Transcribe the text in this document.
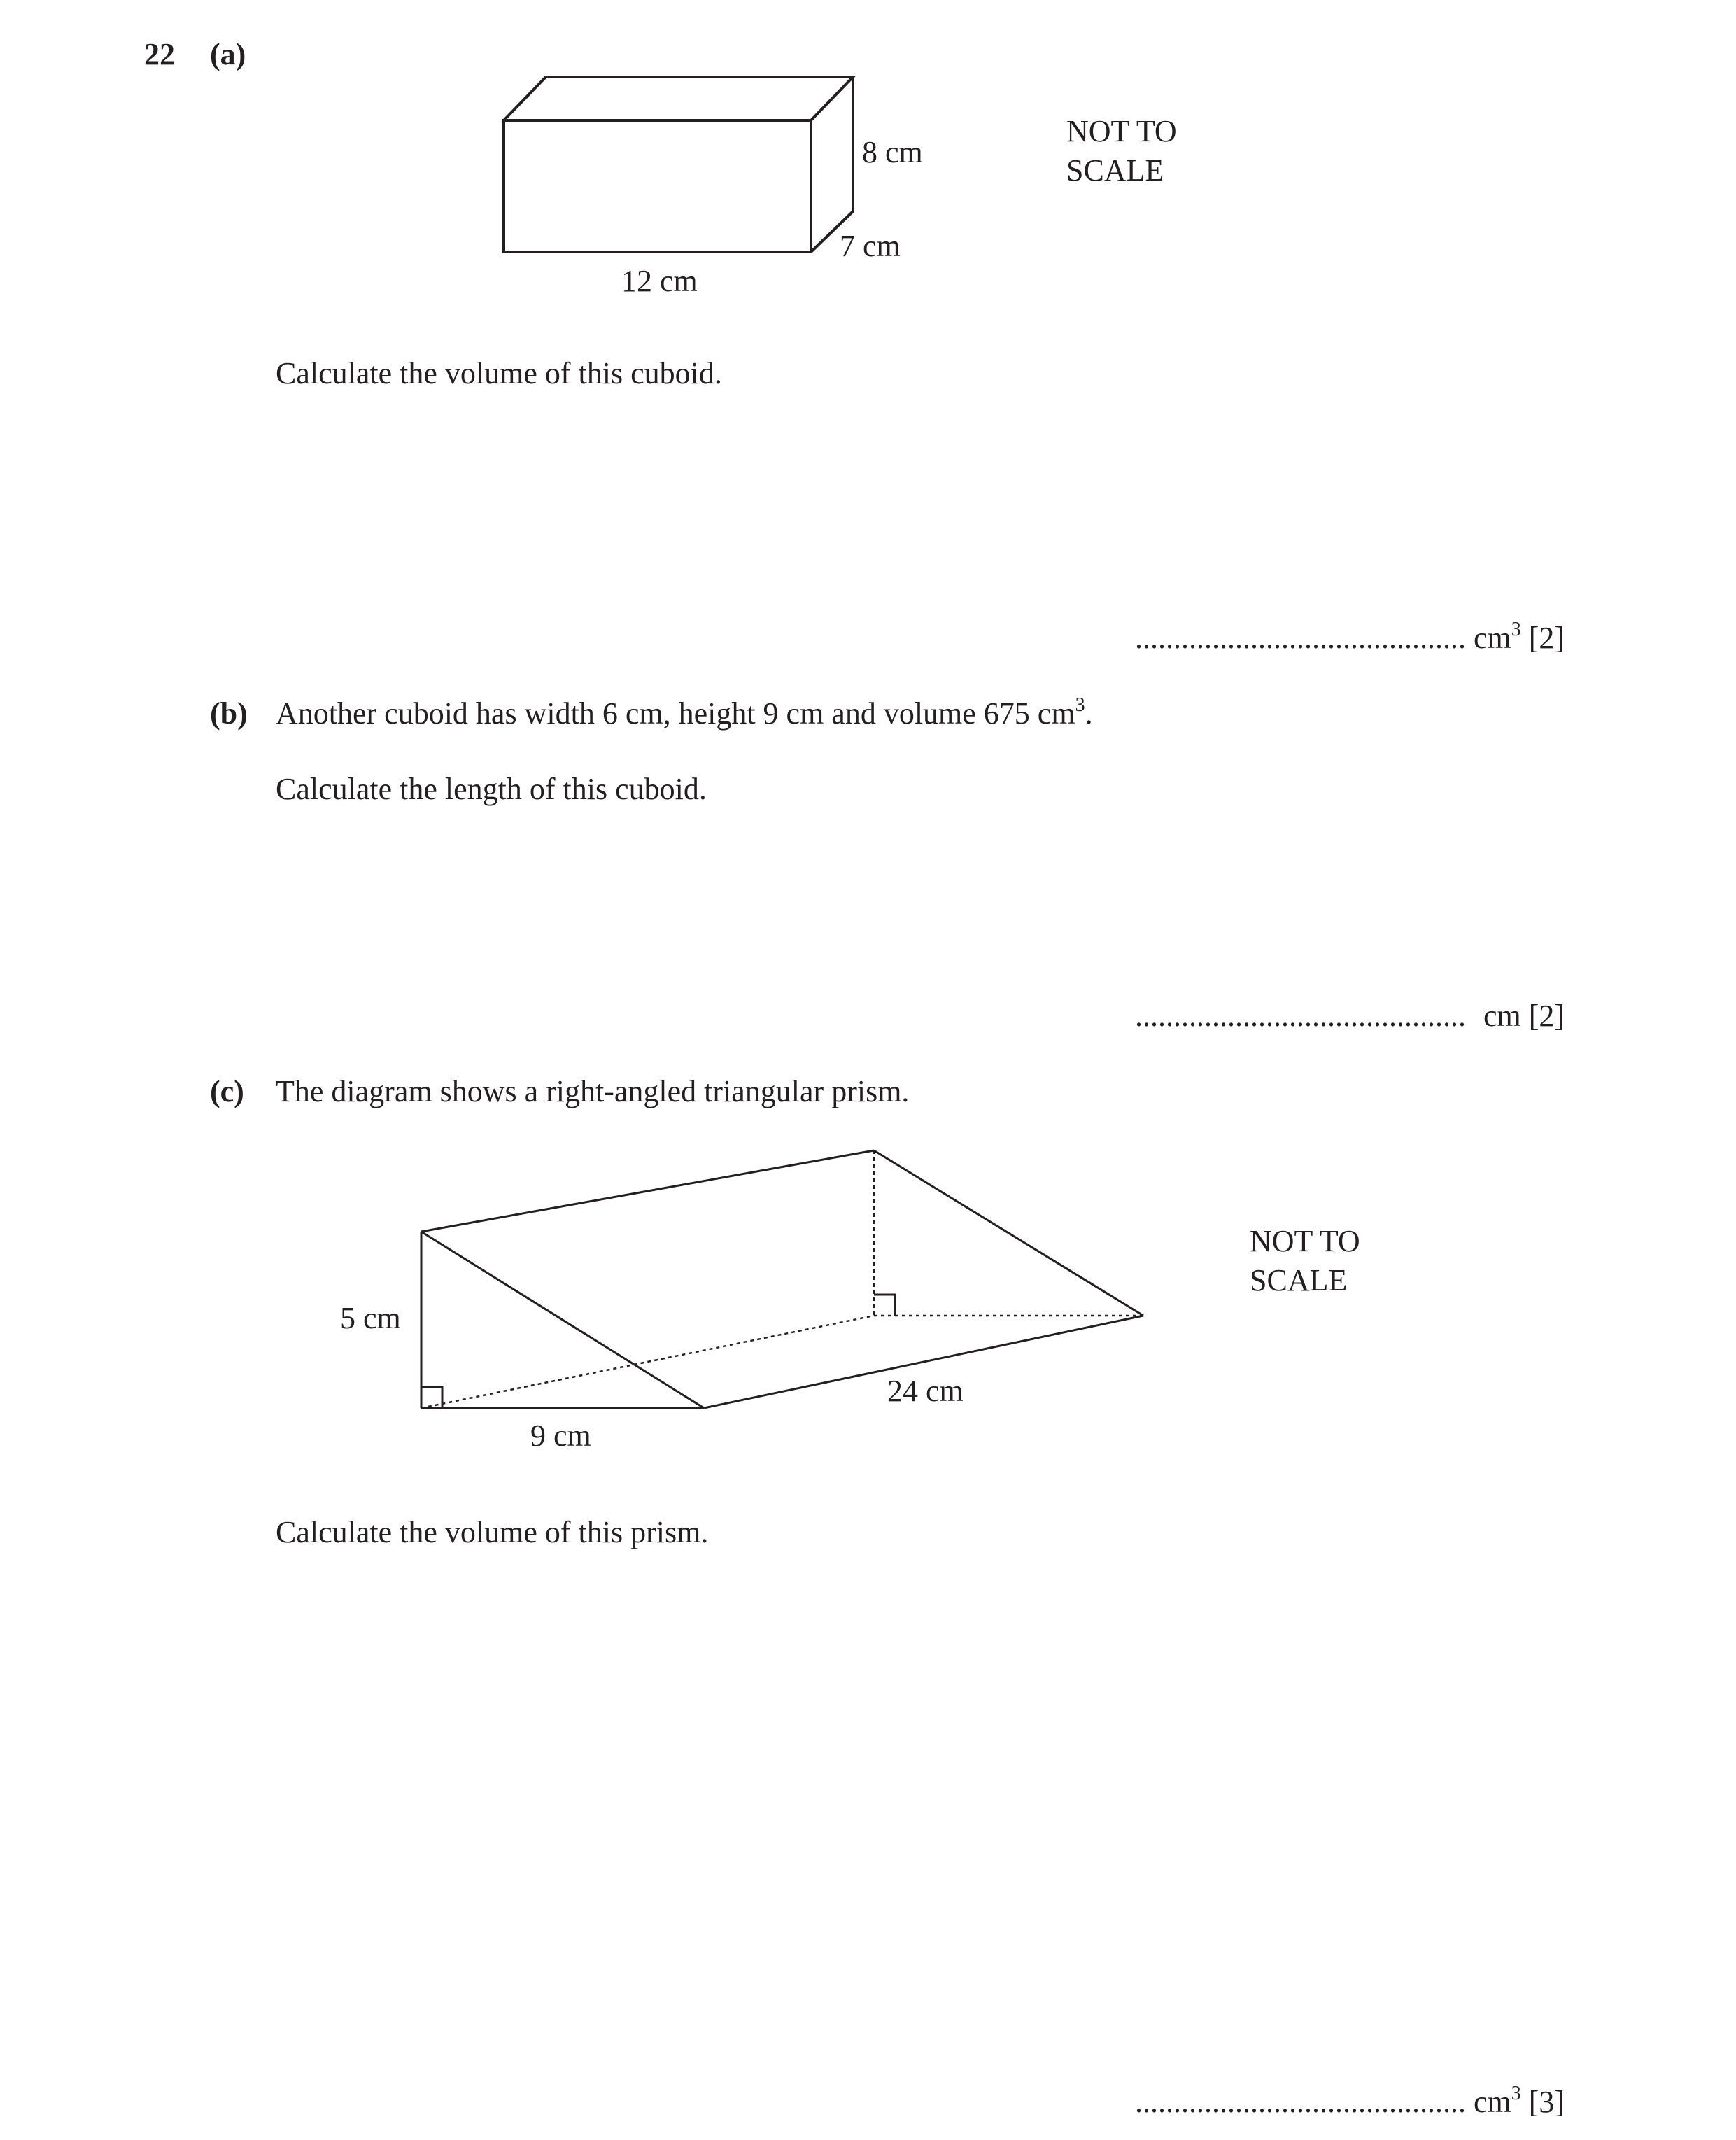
22 (a)
8 cm
7 cm
12 cm
NOT TO
SCALE
Calculate the volume of this cuboid.
........................................... $cm^3$ [2]
(b) Another cuboid has width 6 cm, height 9 cm and volume 675 $cm^3$.
Calculate the length of this cuboid.
........................................... cm [2]
(c) The diagram shows a right-angled triangular prism.
5 cm
9 cm
24 cm
NOT TO
SCALE
Calculate the volume of this prism.
........................................... $cm^3$ [3]
